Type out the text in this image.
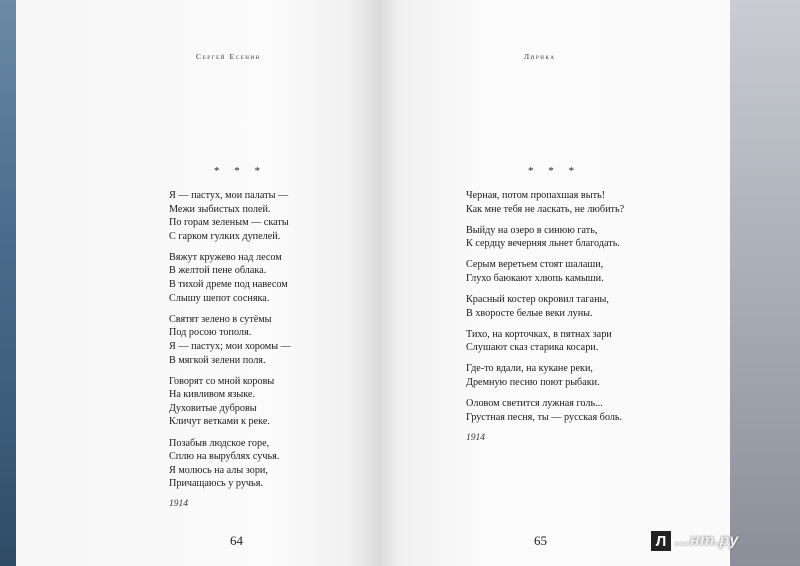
Сергей Есенин
* * *
Я — пастух, мои палаты —
Межи зыбистых полей.
По горам зеленым — скаты
С гарком гулких дупелей.
Вяжут кружево над лесом
В желтой пене облака.
В тихой дреме под навесом
Слышу шепот сосняка.
Святят зелено в сутёмы
Под росою тополя.
Я — пастух; мои хоромы —
В мягкой зелени поля.
Говорят со мной коровы
На кивливом языке.
Духовитые дубровы
Кличут ветками к реке.
Позабыв людское горе,
Сплю на вырублях сучья.
Я молюсь на алы зори,
Причащаюсь у ручья.
1914
64
Лирика
* * *
Черная, потом пропахшая выть!
Как мне тебя не ласкать, не любить?
Выйду на озеро в синюю гать,
К сердцу вечерняя льнет благодать.
Серым веретьем стоят шалаши,
Глухо баюкают хлюпь камыши.
Красный костер окровил таганы,
В хворосте белые веки луны.
Тихо, на корточках, в пятнах зари
Слушают сказ старика косари.
Где-то вдали, на кукане реки,
Дремную песню поют рыбаки.
Оловом светится лужная голь...
Грустная песня, ты — русская боль.
1914
65	Л ...нт.ру
